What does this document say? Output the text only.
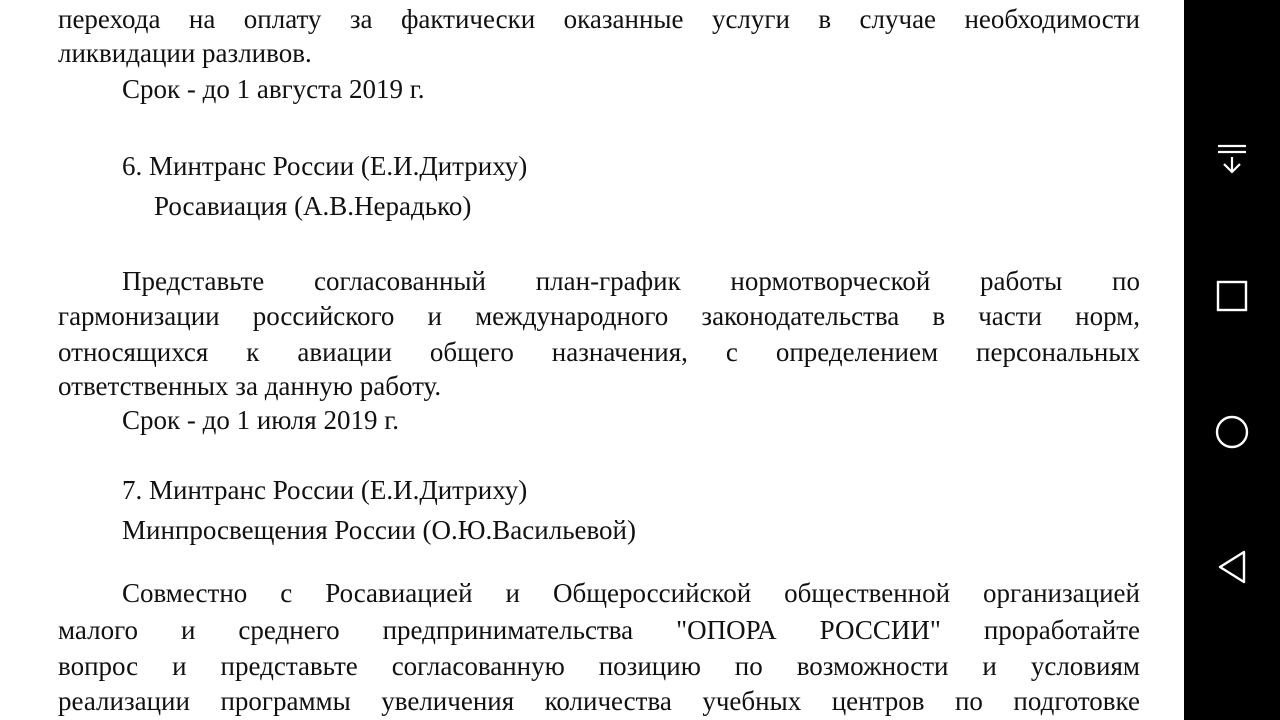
перехода на оплату за фактически оказанные услуги в случае необходимости
ликвидации разливов.
Срок - до 1 августа 2019 г.
6. Минтранс России (Е.И.Дитриху)
Росавиация (А.В.Нерадько)
Представьте согласованный план-график нормотворческой работы по
гармонизации российского и международного законодательства в части норм,
относящихся к авиации общего назначения, с определением персональных
ответственных за данную работу.
Срок - до 1 июля 2019 г.
7. Минтранс России (Е.И.Дитриху)
Минпросвещения России (О.Ю.Васильевой)
Совместно с Росавиацией и Общероссийской общественной организацией
малого и среднего предпринимательства "ОПОРА РОССИИ" проработайте
вопрос и представьте согласованную позицию по возможности и условиям
реализации программы увеличения количества учебных центров по подготовке
